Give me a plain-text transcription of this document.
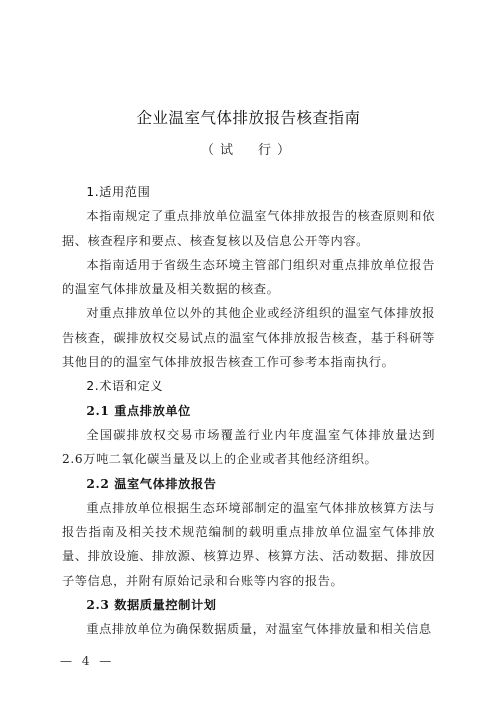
企业温室气体排放报告核查指南
（试　行）

1.适用范围

本指南规定了重点排放单位温室气体排放报告的核查原则和依据、核查程序和要点、核查复核以及信息公开等内容。

本指南适用于省级生态环境主管部门组织对重点排放单位报告的温室气体排放量及相关数据的核查。

对重点排放单位以外的其他企业或经济组织的温室气体排放报告核查，碳排放权交易试点的温室气体排放报告核查，基于科研等其他目的的温室气体排放报告核查工作可参考本指南执行。

2.术语和定义

2.1 重点排放单位

全国碳排放权交易市场覆盖行业内年度温室气体排放量达到2.6万吨二氧化碳当量及以上的企业或者其他经济组织。

2.2 温室气体排放报告

重点排放单位根据生态环境部制定的温室气体排放核算方法与报告指南及相关技术规范编制的载明重点排放单位温室气体排放量、排放设施、排放源、核算边界、核算方法、活动数据、排放因子等信息，并附有原始记录和台账等内容的报告。

2.3 数据质量控制计划

重点排放单位为确保数据质量，对温室气体排放量和相关信息

— 4 —
